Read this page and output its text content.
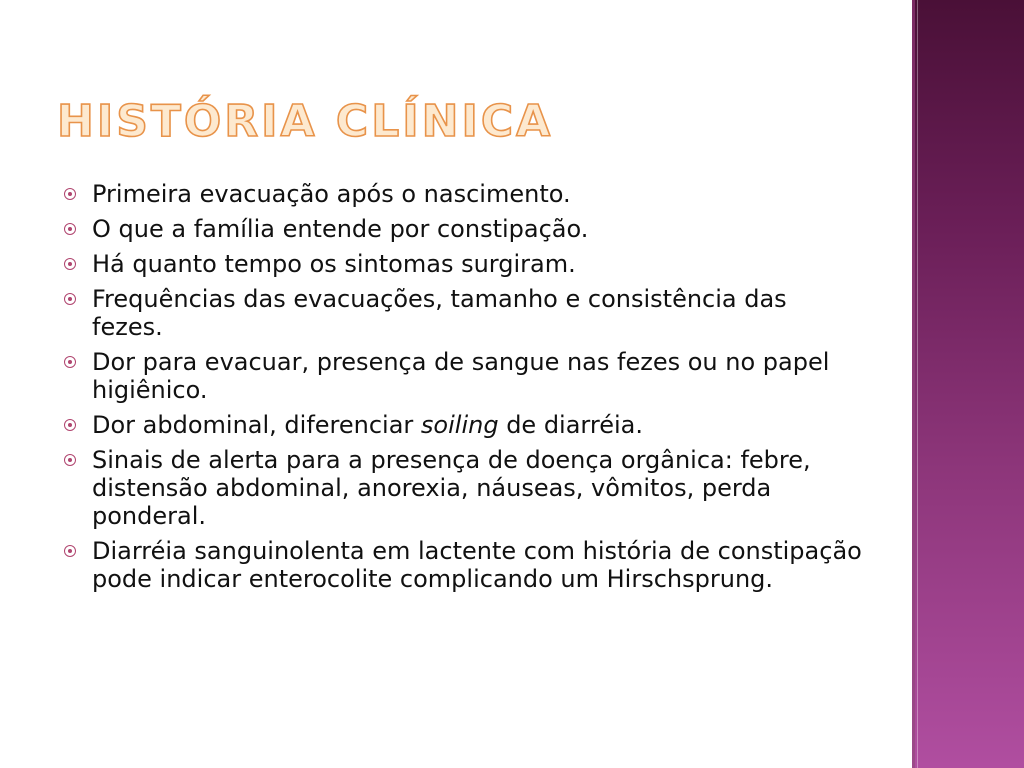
HISTÓRIA CLÍNICA
Primeira evacuação após o nascimento.
O que a família entende por constipação.
Há quanto tempo os sintomas surgiram.
Frequências das evacuações, tamanho e consistência das fezes.
Dor para evacuar, presença de sangue nas fezes ou no papel higiênico.
Dor abdominal, diferenciar soiling de diarréia.
Sinais de alerta para a presença de doença orgânica: febre, distensão abdominal, anorexia, náuseas, vômitos, perda ponderal.
Diarréia sanguinolenta em lactente com história de constipação pode indicar enterocolite complicando um Hirschsprung.
